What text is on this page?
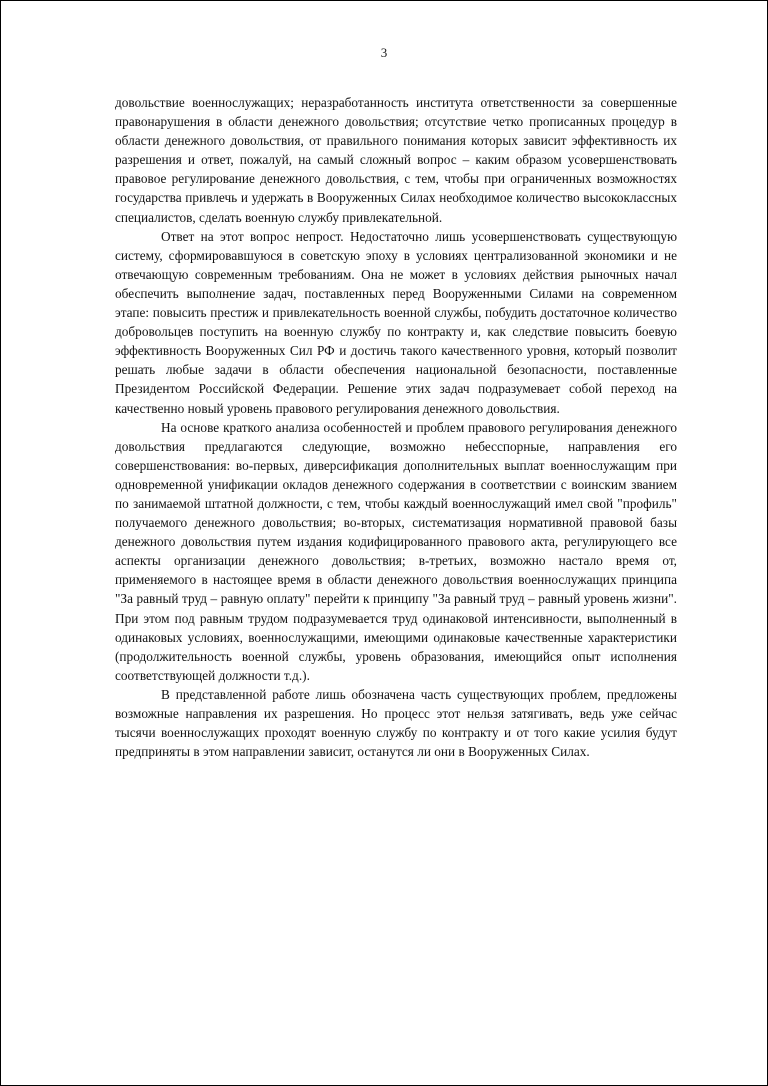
3

довольствие военнослужащих; неразработанность института ответственности за совершенные правонарушения в области денежного довольствия; отсутствие четко прописанных процедур в области денежного довольствия, от правильного понимания которых зависит эффективность их разрешения и ответ, пожалуй, на самый сложный вопрос – каким образом усовершенствовать правовое регулирование денежного довольствия, с тем, чтобы при ограниченных возможностях государства привлечь и удержать в Вооруженных Силах необходимое количество высококлассных специалистов, сделать военную службу привлекательной.

Ответ на этот вопрос непрост. Недостаточно лишь усовершенствовать существующую систему, сформировавшуюся в советскую эпоху в условиях централизованной экономики и не отвечающую современным требованиям. Она не может в условиях действия рыночных начал обеспечить выполнение задач, поставленных перед Вооруженными Силами на современном этапе: повысить престиж и привлекательность военной службы, побудить достаточное количество добровольцев поступить на военную службу по контракту и, как следствие повысить боевую эффективность Вооруженных Сил РФ и достичь такого качественного уровня, который позволит решать любые задачи в области обеспечения национальной безопасности, поставленные Президентом Российской Федерации. Решение этих задач подразумевает собой переход на качественно новый уровень правового регулирования денежного довольствия.

На основе краткого анализа особенностей и проблем правового регулирования денежного довольствия предлагаются следующие, возможно небесспорные, направления его совершенствования: во-первых, диверсификация дополнительных выплат военнослужащим при одновременной унификации окладов денежного содержания в соответствии с воинским званием по занимаемой штатной должности, с тем, чтобы каждый военнослужащий имел свой "профиль" получаемого денежного довольствия; во-вторых, систематизация нормативной правовой базы денежного довольствия путем издания кодифицированного правового акта, регулирующего все аспекты организации денежного довольствия; в-третьих, возможно настало время от, применяемого в настоящее время в области денежного довольствия военнослужащих принципа "За равный труд – равную оплату" перейти к принципу "За равный труд – равный уровень жизни". При этом под равным трудом подразумевается труд одинаковой интенсивности, выполненный в одинаковых условиях, военнослужащими, имеющими одинаковые качественные характеристики (продолжительность военной службы, уровень образования, имеющийся опыт исполнения соответствующей должности т.д.).

В представленной работе лишь обозначена часть существующих проблем, предложены возможные направления их разрешения. Но процесс этот нельзя затягивать, ведь уже сейчас тысячи военнослужащих проходят военную службу по контракту и от того какие усилия будут предприняты в этом направлении зависит, останутся ли они в Вооруженных Силах.
